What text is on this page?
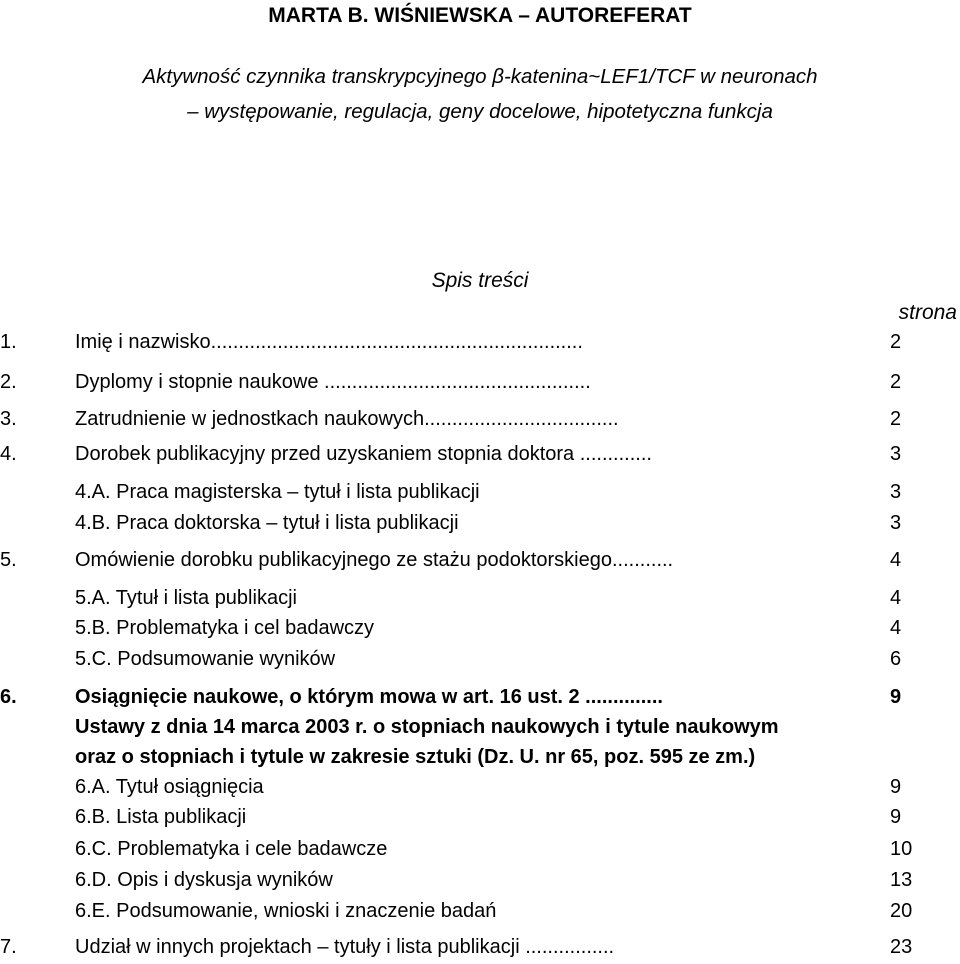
MARTA B. WIŚNIEWSKA – AUTOREFERAT
Aktywność czynnika transkrypcyjnego β-katenina~LEF1/TCF w neuronach
– występowanie, regulacja, geny docelowe, hipotetyczna funkcja
Spis treści
strona
1.	Imię i nazwisko...................................................................	2
2.	Dyplomy i stopnie naukowe ................................................	2
3.	Zatrudnienie w jednostkach naukowych...................................	2
4.	Dorobek publikacyjny przed uzyskaniem stopnia doktora .............	3
4.A. Praca magisterska – tytuł i lista publikacji	3
4.B. Praca doktorska – tytuł i lista publikacji	3
5.	Omówienie dorobku publikacyjnego ze stażu podoktorskiego...........	4
5.A. Tytuł i lista publikacji	4
5.B. Problematyka i cel badawczy	4
5.C. Podsumowanie wyników	6
6.	Osiągnięcie naukowe, o którym mowa w art. 16 ust. 2 ..............	9
Ustawy z dnia 14 marca 2003 r. o stopniach naukowych i tytule naukowym
oraz o stopniach i tytule w zakresie sztuki (Dz. U. nr 65, poz. 595 ze zm.)
6.A. Tytuł osiągnięcia	9
6.B. Lista publikacji	9
6.C. Problematyka i cele badawcze	10
6.D. Opis i dyskusja wyników	13
6.E. Podsumowanie, wnioski i znaczenie badań	20
7.	Udział w innych projektach – tytuły i lista publikacji ................	23
